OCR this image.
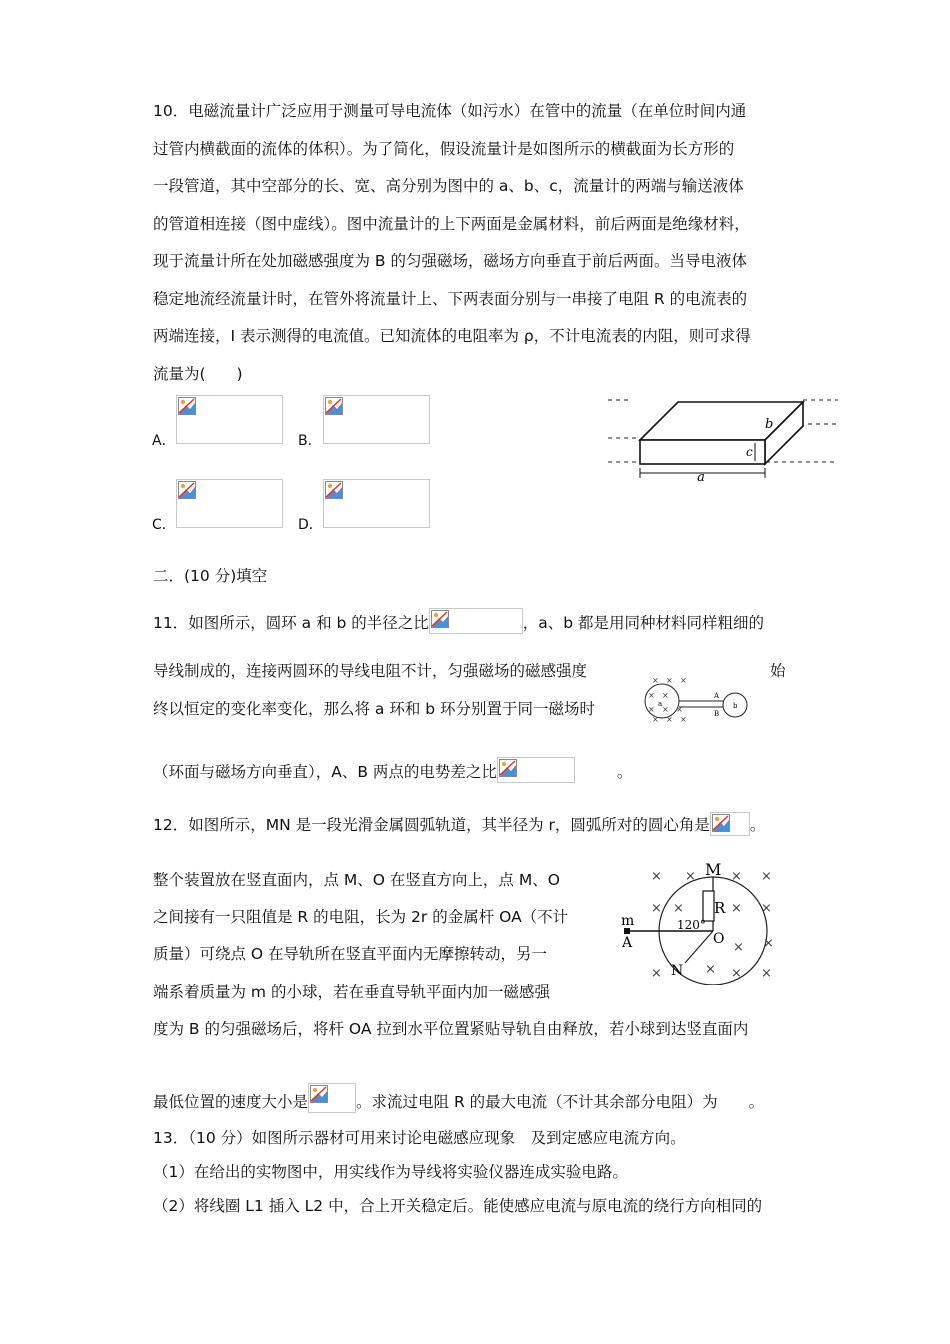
10．电磁流量计广泛应用于测量可导电流体（如污水）在管中的流量（在单位时间内通
过管内横截面的流体的体积）。为了简化，假设流量计是如图所示的横截面为长方形的
一段管道，其中空部分的长、宽、高分别为图中的 a、b、c，流量计的两端与输送液体
的管道相连接（图中虚线）。图中流量计的上下两面是金属材料，前后两面是绝缘材料，
现于流量计所在处加磁感强度为 B 的匀强磁场，磁场方向垂直于前后两面。当导电液体
稳定地流经流量计时，在管外将流量计上、下两表面分别与一串接了电阻 R 的电流表的
两端连接，I 表示测得的电流值。已知流体的电阻率为 ρ，不计电流表的内阻，则可求得
流量为(　　)
A．	B．
C．	D．
a
b
c
二．(10 分)填空
11．如图所示，圆环 a 和 b 的半径之比	，a、b 都是用同种材料同样粗细的
导线制成的，连接两圆环的导线电阻不计，匀强磁场的磁感强度	始
终以恒定的变化率变化，那么将 a 环和 b 环分别置于同一磁场时
（环面与磁场方向垂直），A、B 两点的电势差之比	。
× × ×
× ×
× × ×
× × ×
a	b
A
B
12．如图所示，MN 是一段光滑金属圆弧轨道，其半径为 r，圆弧所对的圆心角是	。
整个装置放在竖直面内，点 M、O 在竖直方向上，点 M、O
之间接有一只阻值是 R 的电阻，长为 2r 的金属杆 OA（不计
质量）可绕点 O 在导轨所在竖直平面内无摩擦转动，另一
端系着质量为 m 的小球，若在垂直导轨平面内加一磁感强
度为 B 的匀强磁场后，将杆 OA 拉到水平位置紧贴导轨自由释放，若小球到达竖直面内
最低位置的速度大小是	。求流过电阻 R 的最大电流（不计其余部分电阻）为　　。
× ×	× ×
× ×	× ×
×
×
×	× × ×
M
R
m
A	O
N
120°
13．（10 分）如图所示器材可用来讨论电磁感应现象　及到定感应电流方向。
（1）在给出的实物图中，用实线作为导线将实验仪器连成实验电路。
（2）将线圈 L1 插入 L2 中，合上开关稳定后。能使感应电流与原电流的绕行方向相同的
